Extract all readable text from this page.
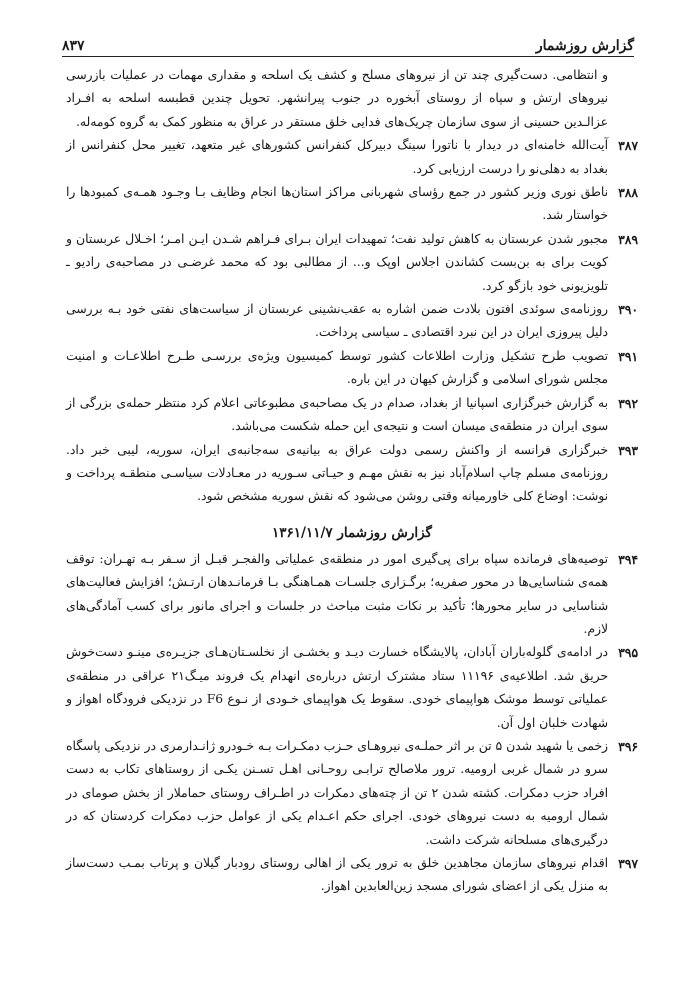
گزارش روزشمار
۸۳۷
و انتظامی. دست‌گیری چند تن از نیروهای مسلح و کشف یک اسلحه و مقداری مهمات در عملیات بازرسی نیروهای ارتش و سپاه از روستای آبخوره در جنوب پیرانشهر. تحویل چندین قطبسه اسلحه به افـراد عزالـدین حسینی از سوی سازمان چریک‌های فدایی خلق مستقر در عراق به منظور کمک به گروه کومه‌له.
۳۸۷
آیت‌الله خامنه‌ای در دیدار با ناتورا سینگ دبیرکل کنفرانس کشورهای غیر متعهد، تغییر محل کنفرانس از بغداد به دهلی‌نو را درست ارزیابی کرد.
۳۸۸
ناطق نوری وزیر کشور در جمع رؤسای شهربانی مراکز استان‌ها انجام وظایف بـا وجـود همـه‌ی کمبودها را خواستار شد.
۳۸۹
مجبور شدن عربستان به کاهش تولید نفت؛ تمهیدات ایران بـرای فـراهم شـدن ایـن امـر؛ اخـلال عربستان و کویت برای به بن‌بست کشاندن اجلاس اوپک و... از مطالبی بود که محمد غرضـی در مصاحبه‌ی رادیو ـ تلویزیونی خود بازگو کرد.
۳۹۰
روزنامه‌ی سوئدی افتون بلادت ضمن اشاره به عقب‌نشینی عربستان از سیاست‌های نفتی خود بـه بررسی دلیل پیروزی ایران در این نبرد اقتصادی ـ سیاسی پرداخت.
۳۹۱
تصویب طرح تشکیل وزارت اطلاعات کشور توسط کمیسیون ویژه‌ی بررسـی طـرح اطلاعـات و امنیت مجلس شورای اسلامی و گزارش کیهان در این باره.
۳۹۲
به گزارش خبرگزاری اسپانیا از بغداد، صدام در یک مصاحبه‌ی مطبوعاتی اعلام کرد منتظر حمله‌ی بزرگی از سوی ایران در منطقه‌ی میسان است و نتیجه‌ی این حمله شکست می‌باشد.
۳۹۳
خبرگزاری فرانسه از واکنش رسمی دولت عراق به بیانیه‌ی سه‌جانبه‌ی ایران، سوریه، لیبی خبر داد. روزنامه‌ی مسلم چاپ اسلام‌آباد نیز به نقش مهـم و حیـاتی سـوریه در معـادلات سیاسـی منطقـه پرداخت و نوشت: اوضاع کلی خاورمیانه وقتی روشن می‌شود که نقش سوریه مشخص شود.
گزارش روزشمار ۱۳۶۱/۱۱/۷
۳۹۴
توصیه‌های فرمانده سپاه برای پی‌گیری امور در منطقه‌ی عملیاتی والفجـر قبـل از سـفر بـه تهـران: توقف همه‌ی شناسایی‌ها در محور صفریه؛ برگـزاری جلسـات همـاهنگی بـا فرمانـدهان ارتـش؛ افزایش فعالیت‌های شناسایی در سایر محورها؛ تأکید بر نکات مثبت مباحث در جلسات و اجرای مانور برای کسب آمادگی‌های لازم.
۳۹۵
در ادامه‌ی گلوله‌باران آبادان، پالایشگاه خسارت دیـد و بخشـی از نخلسـتان‌هـای جزیـره‌ی مینـو دست‌خوش حریق شد. اطلاعیه‌ی ۱۱۱۹۶ ستاد مشترک ارتش درباره‌ی انهدام یک فروند میـگ۲۱ عراقی در منطقه‌ی عملیاتی توسط موشک هواپیمای خودی. سقوط یک هواپیمای خـودی از نـوع F6 در نزدیکی فرودگاه اهواز و شهادت خلبان اول آن.
۳۹۶
زخمی یا شهید شدن ۵ تن بر اثر حملـه‌ی نیروهـای حـزب دمکـرات بـه خـودرو ژانـدارمری در نزدیکی پاسگاه سرو در شمال غربی ارومیه. ترور ملاصالح ترابـی روحـانی اهـل تسـنن یکـی از روستاهای تکاب به دست افراد حزب دمکرات. کشته شدن ۲ تن از چته‌های دمکرات در اطـراف روستای حماملار از بخش صومای در شمال ارومیه به دست نیروهای خودی. اجرای حکم اعـدام یکی از عوامل حزب دمکرات کردستان که در درگیری‌های مسلحانه شرکت داشت.
۳۹۷
اقدام نیروهای سازمان مجاهدین خلق به ترور یکی از اهالی روستای رودبار گیلان و پرتاب بمـب دست‌ساز به منزل یکی از اعضای شورای مسجد زین‌العابدین اهواز.
